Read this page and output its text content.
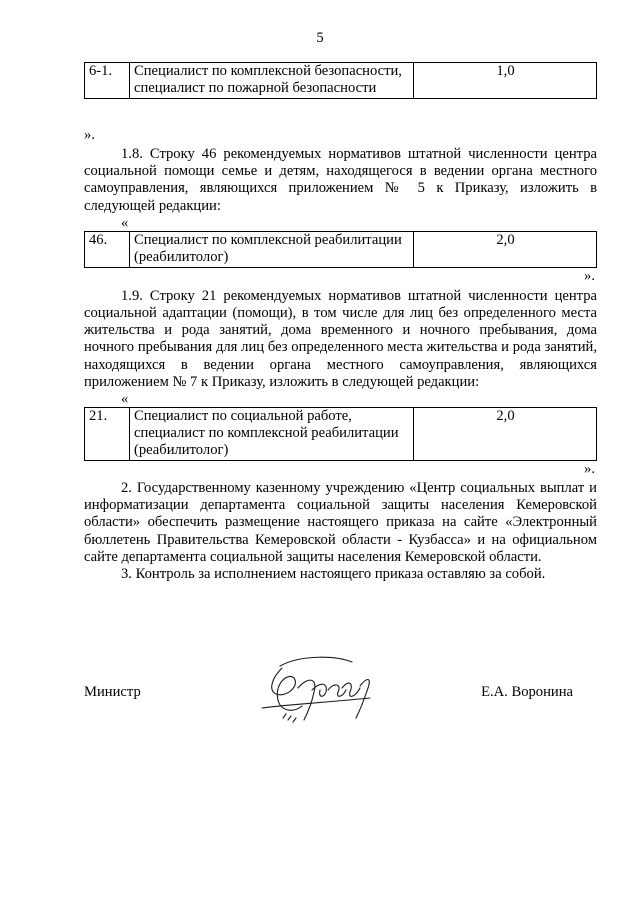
5
6-1.	Специалист по комплексной безопасности, специалист по пожарной безопасности	1,0

».

1.8. Строку 46 рекомендуемых нормативов штатной численности центра социальной помощи семье и детям, находящегося в ведении органа местного самоуправления, являющихся приложением № 5 к Приказу, изложить в следующей редакции:

«

46.	Специалист по комплексной реабилитации (реабилитолог)	2,0

».

1.9. Строку 21 рекомендуемых нормативов штатной численности центра социальной адаптации (помощи), в том числе для лиц без определенного места жительства и рода занятий, дома временного и ночного пребывания, дома ночного пребывания для лиц без определенного места жительства и рода занятий, находящихся в ведении органа местного самоуправления, являющихся приложением № 7 к Приказу, изложить в следующей редакции:

«

21.	Специалист по социальной работе, специалист по комплексной реабилитации (реабилитолог)	2,0

».

2. Государственному казенному учреждению «Центр социальных выплат и информатизации департамента социальной защиты населения Кемеровской области» обеспечить размещение настоящего приказа на сайте «Электронный бюллетень Правительства Кемеровской области - Кузбасса» и на официальном сайте департамента социальной защиты населения Кемеровской области.

3. Контроль за исполнением настоящего приказа оставляю за собой.

Министр	Е.А. Воронина
